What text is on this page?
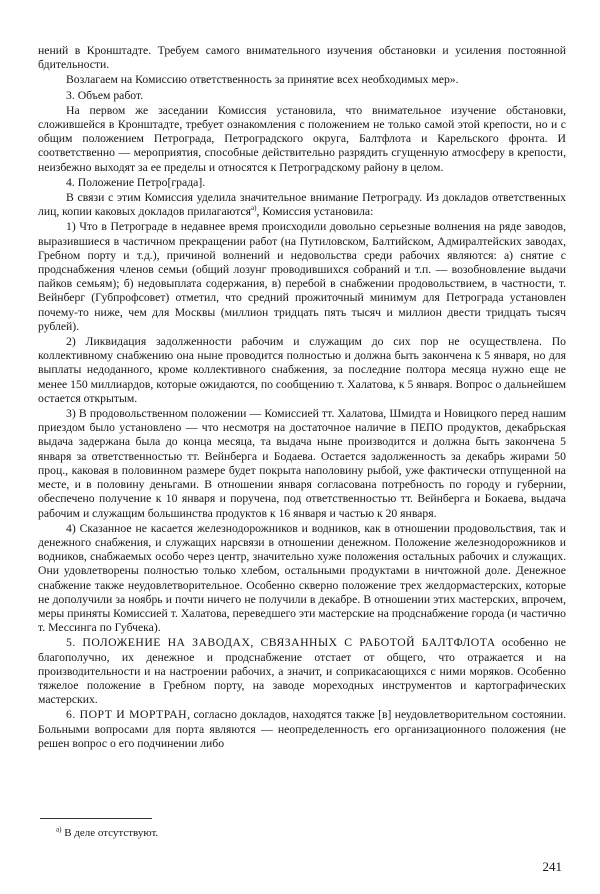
нений в Кронштадте. Требуем самого внимательного изучения обстановки и усиления постоянной бдительности.

Возлагаем на Комиссию ответственность за принятие всех необходимых мер».

3. Объем работ.

На первом же заседании Комиссия установила, что внимательное изучение обстановки, сложившейся в Кронштадте, требует ознакомления с положением не только самой этой крепости, но и с общим положением Петрограда, Петроградского округа, Балтфлота и Карельского фронта. И соответственно — мероприятия, способные действительно разрядить сгущенную атмосферу в крепости, неизбежно выходят за ее пределы и относятся к Петроградскому району в целом.

4. Положение Петро[града].

В связи с этим Комиссия уделила значительное внимание Петрограду. Из докладов ответственных лиц, копии каковых докладов прилагаются$^{а)}$, Комиссия установила:

1) Что в Петрограде в недавнее время происходили довольно серьезные волнения на ряде заводов, выразившиеся в частичном прекращении работ (на Путиловском, Балтийском, Адмиралтейских заводах, Гребном порту и т.д.), причиной волнений и недовольства среди рабочих являются: а) снятие с продснабжения членов семьи (общий лозунг проводившихся собраний и т.п. — возобновление выдачи пайков семьям); б) недовыплата содержания, в) перебой в снабжении продовольствием, в частности, т. Вейнберг (Губпрофсовет) отметил, что средний прожиточный минимум для Петрограда установлен почему-то ниже, чем для Москвы (миллион тридцать пять тысяч и миллион двести тридцать тысяч рублей).

2) Ликвидация задолженности рабочим и служащим до сих пор не осуществлена. По коллективному снабжению она ныне проводится полностью и должна быть закончена к 5 января, но для выплаты недоданного, кроме коллективного снабжения, за последние полтора месяца нужно еще не менее 150 миллиардов, которые ожидаются, по сообщению т. Халатова, к 5 января. Вопрос о дальнейшем остается открытым.

3) В продовольственном положении — Комиссией тт. Халатова, Шмидта и Новицкого перед нашим приездом было установлено — что несмотря на достаточное наличие в ПЕПО продуктов, декабрьская выдача задержана была до конца месяца, та выдача ныне производится и должна быть закончена 5 января за ответственностью тт. Вейнберга и Бодаева. Остается задолженность за декабрь жирами 50 проц., каковая в половинном размере будет покрыта наполовину рыбой, уже фактически отпущенной на месте, и в половину деньгами. В отношении января согласована потребность по городу и губернии, обеспечено получение к 10 января и поручена, под ответственностью тт. Вейнберга и Бокаева, выдача рабочим и служащим большинства продуктов к 16 января и частью к 20 января.

4) Сказанное не касается железнодорожников и водников, как в отношении продовольствия, так и денежного снабжения, и служащих нарсвязи в отношении денежном. Положение железнодорожников и водников, снабжаемых особо через центр, значительно хуже положения остальных рабочих и служащих. Они удовлетворены полностью только хлебом, остальными продуктами в ничтожной доле. Денежное снабжение также неудовлетворительное. Особенно скверно положение трех желдормастерских, которые не дополучили за ноябрь и почти ничего не получили в декабре. В отношении этих мастерских, впрочем, меры приняты Комиссией т. Халатова, переведшего эти мастерские на продснабжение города (и частично т. Мессинга по Губчека).

5. ПОЛОЖЕНИЕ НА ЗАВОДАХ, СВЯЗАННЫХ С РАБОТОЙ БАЛТФЛОТА особенно не благополучно, их денежное и продснабжение отстает от общего, что отражается и на производительности и на настроении рабочих, а значит, и соприкасающихся с ними моряков. Особенно тяжелое положение в Гребном порту, на заводе мореходных инструментов и картографических мастерских.

6. ПОРТ И МОРТРАН, согласно докладов, находятся также [в] неудовлетворительном состоянии. Больными вопросами для порта являются — неопределенность его организационного положения (не решен вопрос о его подчинении либо

$^{а)}$ В деле отсутствуют.
241
